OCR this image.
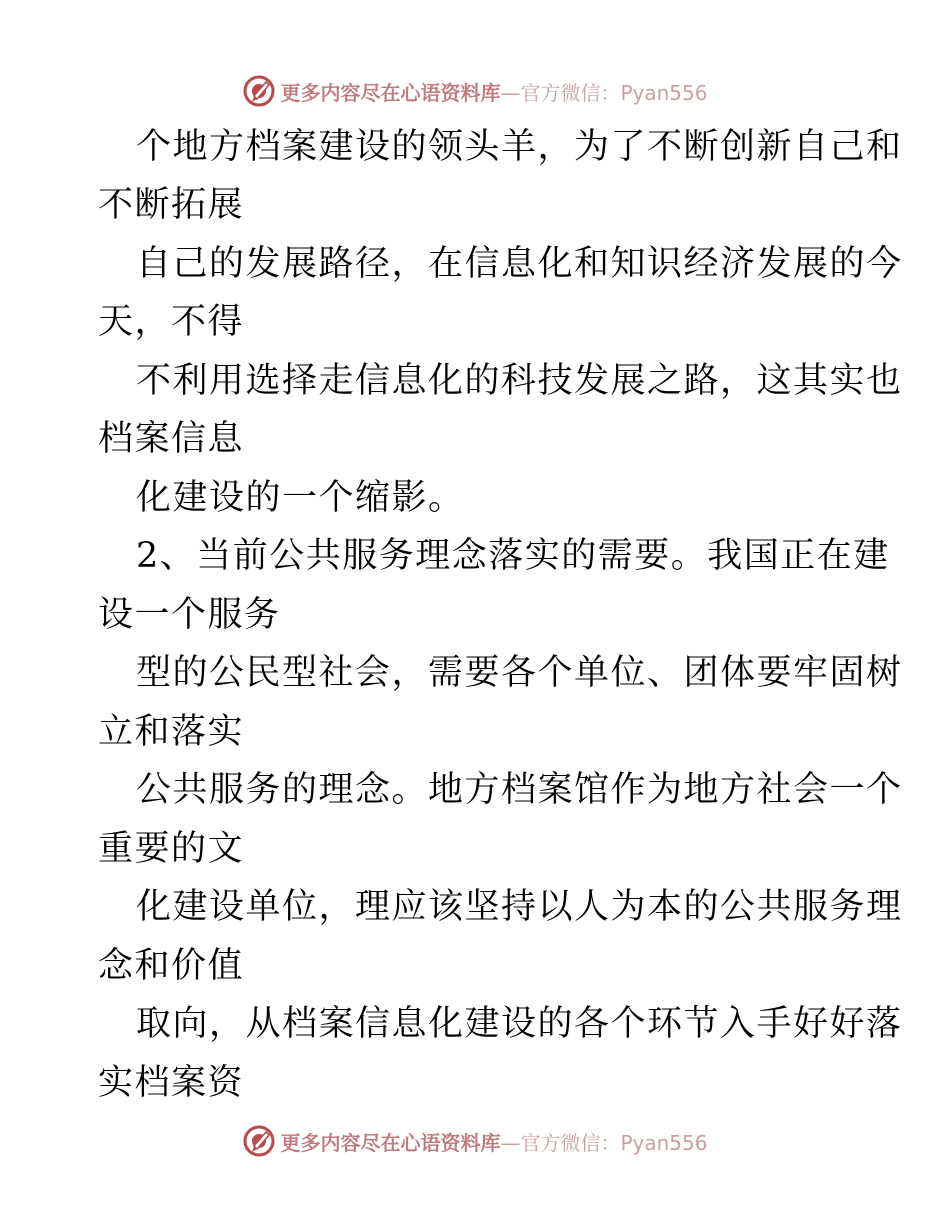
更多内容尽在心语资料库—官方微信：Pyan556
个地方档案建设的领头羊，为了不断创新自己和
不断拓展
自己的发展路径，在信息化和知识经济发展的今
天，不得
不利用选择走信息化的科技发展之路，这其实也
档案信息
化建设的一个缩影。
2、当前公共服务理念落实的需要。我国正在建
设一个服务
型的公民型社会，需要各个单位、团体要牢固树
立和落实
公共服务的理念。地方档案馆作为地方社会一个
重要的文
化建设单位，理应该坚持以人为本的公共服务理
念和价值
取向，从档案信息化建设的各个环节入手好好落
实档案资
更多内容尽在心语资料库—官方微信：Pyan556
